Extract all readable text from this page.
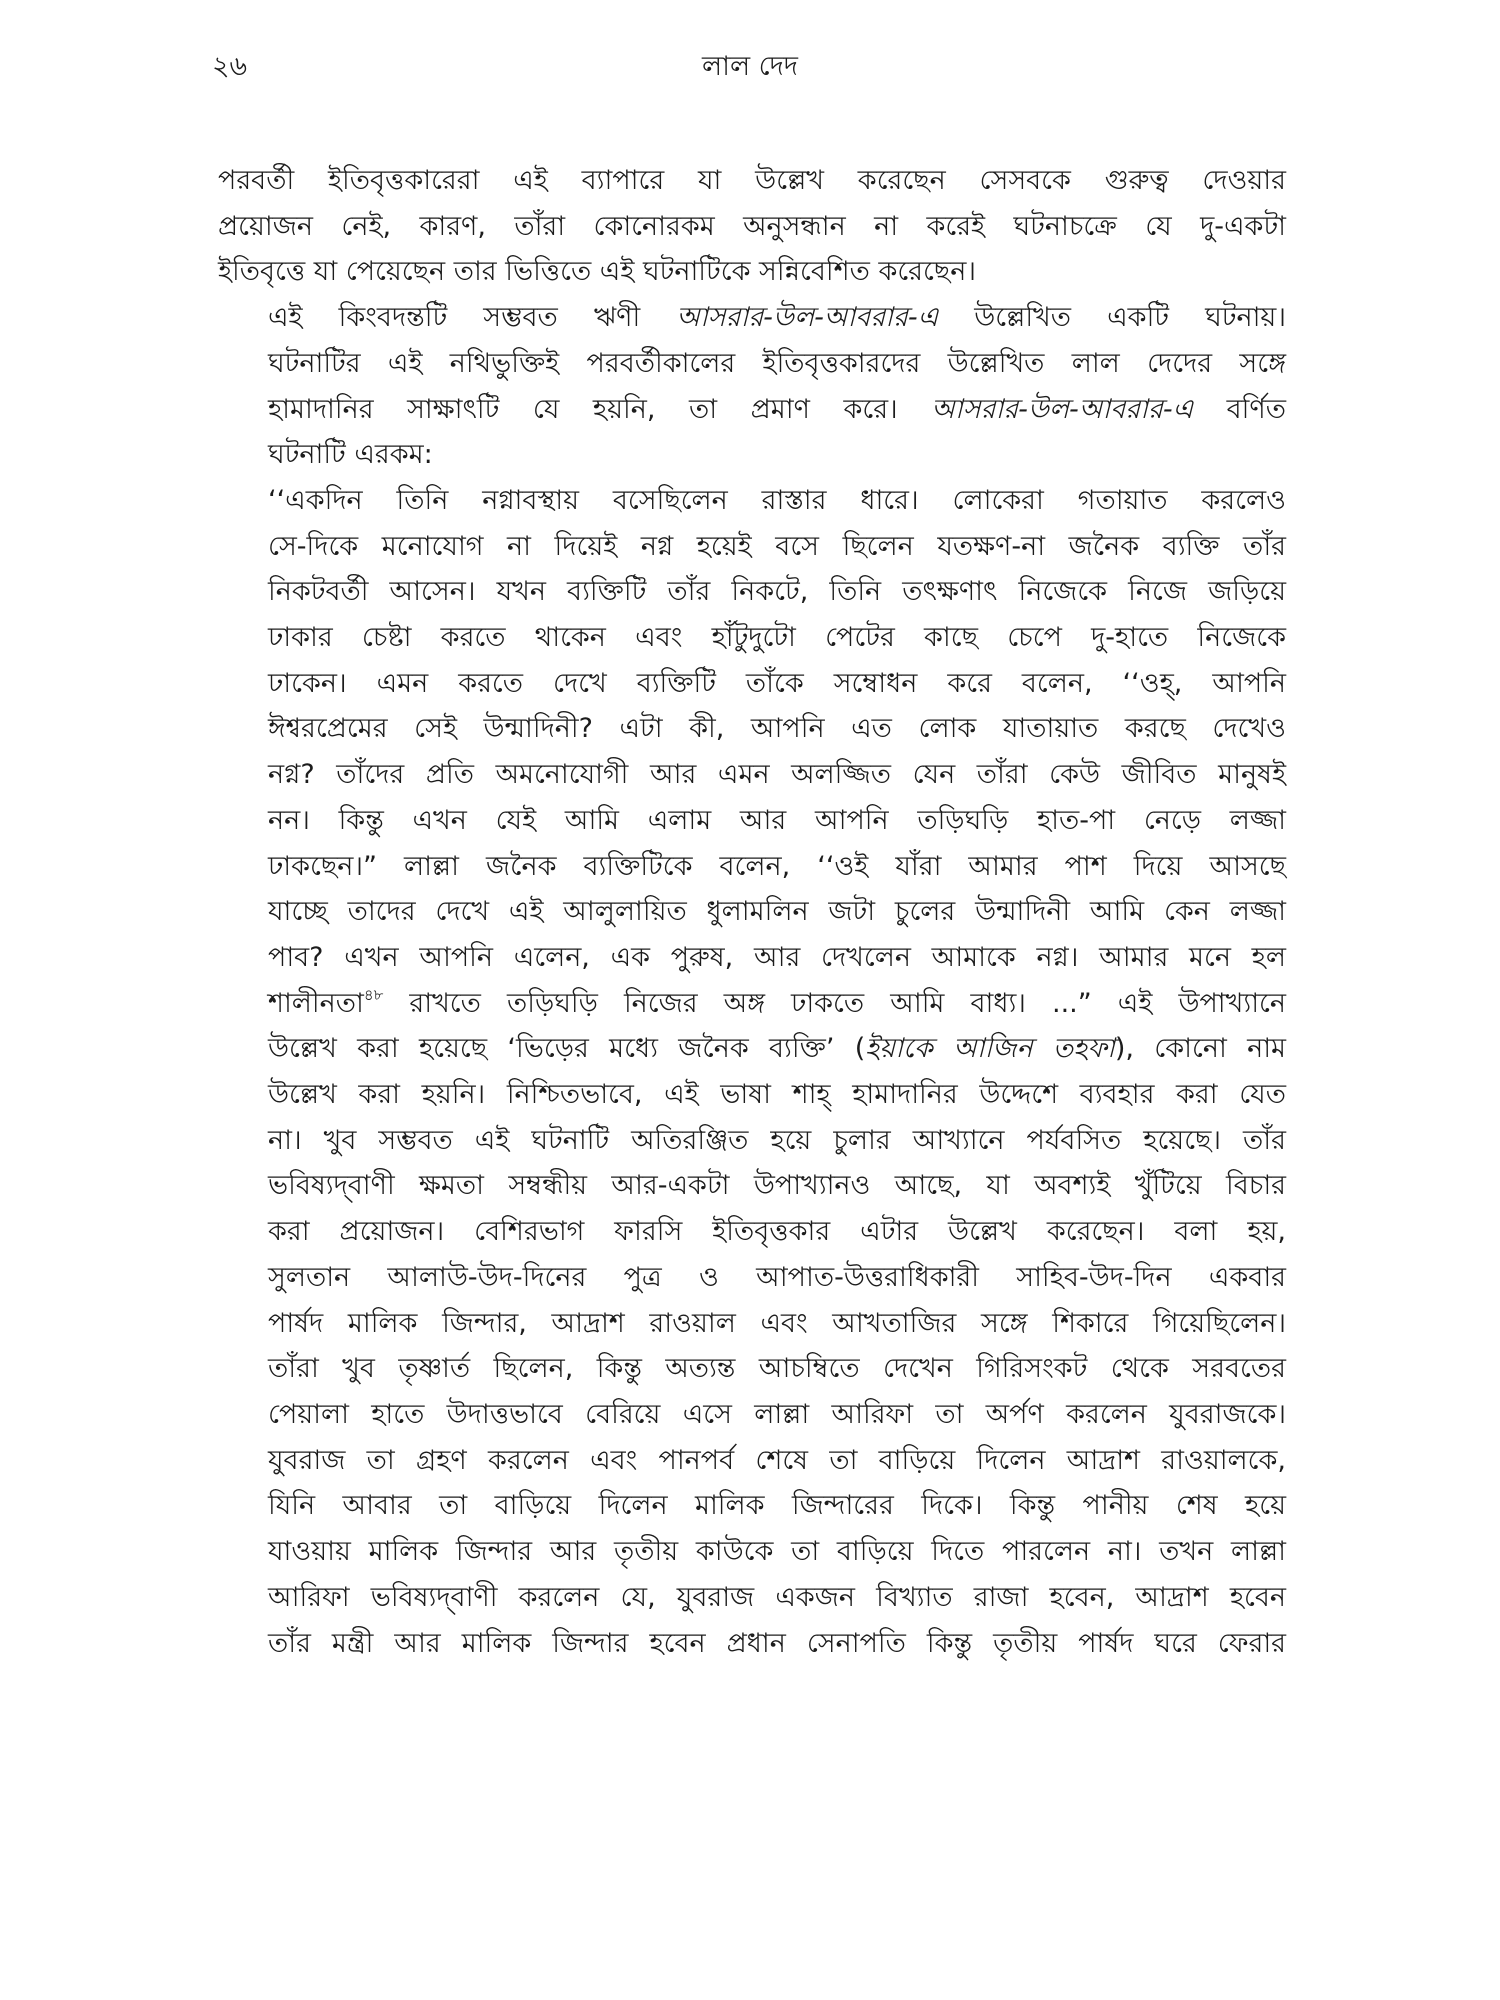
২৬	লাল দেদ
পরবর্তী ইতিবৃত্তকারেরা এই ব্যাপারে যা উল্লেখ করেছেন সেসবকে গুরুত্ব দেওয়ার
প্রয়োজন নেই, কারণ, তাঁরা কোনোরকম অনুসন্ধান না করেই ঘটনাচক্রে যে দু-একটা
ইতিবৃত্তে যা পেয়েছেন তার ভিত্তিতে এই ঘটনাটিকে সন্নিবেশিত করেছেন।
এই কিংবদন্তটি সম্ভবত ঋণী আসরার-উল-আবরার-এ উল্লেখিত একটি ঘটনায়।
ঘটনাটির এই নথিভুক্তিই পরবর্তীকালের ইতিবৃত্তকারদের উল্লেখিত লাল দেদের সঙ্গে
হামাদানির সাক্ষাৎটি যে হয়নি, তা প্রমাণ করে। আসরার-উল-আবরার-এ বর্ণিত
ঘটনাটি এরকম:
‘‘একদিন তিনি নগ্নাবস্থায় বসেছিলেন রাস্তার ধারে। লোকেরা গতায়াত করলেও
সে-দিকে মনোযোগ না দিয়েই নগ্ন হয়েই বসে ছিলেন যতক্ষণ-না জনৈক ব্যক্তি তাঁর
নিকটবর্তী আসেন। যখন ব্যক্তিটি তাঁর নিকটে, তিনি তৎক্ষণাৎ নিজেকে নিজে জড়িয়ে
ঢাকার চেষ্টা করতে থাকেন এবং হাঁটুদুটো পেটের কাছে চেপে দু-হাতে নিজেকে
ঢাকেন। এমন করতে দেখে ব্যক্তিটি তাঁকে সম্বোধন করে বলেন, ‘‘ওহ্, আপনি
ঈশ্বরপ্রেমের সেই উন্মাদিনী? এটা কী, আপনি এত লোক যাতায়াত করছে দেখেও
নগ্ন? তাঁদের প্রতি অমনোযোগী আর এমন অলজ্জিত যেন তাঁরা কেউ জীবিত মানুষই
নন। কিন্তু এখন যেই আমি এলাম আর আপনি তড়িঘড়ি হাত-পা নেড়ে লজ্জা
ঢাকছেন।” লাল্লা জনৈক ব্যক্তিটিকে বলেন, ‘‘ওই যাঁরা আমার পাশ দিয়ে আসছে
যাচ্ছে তাদের দেখে এই আলুলায়িত ধুলামলিন জটা চুলের উন্মাদিনী আমি কেন লজ্জা
পাব? এখন আপনি এলেন, এক পুরুষ, আর দেখলেন আমাকে নগ্ন। আমার মনে হল
শালীনতা$^{৪৮}$ রাখতে তড়িঘড়ি নিজের অঙ্গ ঢাকতে আমি বাধ্য। ...” এই উপাখ্যানে
উল্লেখ করা হয়েছে ‘ভিড়ের মধ্যে জনৈক ব্যক্তি’ (ইয়াকে আজিন তহফা), কোনো নাম
উল্লেখ করা হয়নি। নিশ্চিতভাবে, এই ভাষা শাহ্ হামাদানির উদ্দেশে ব্যবহার করা যেত
না। খুব সম্ভবত এই ঘটনাটি অতিরঞ্জিত হয়ে চুলার আখ্যানে পর্যবসিত হয়েছে। তাঁর
ভবিষ্যদ্‌বাণী ক্ষমতা সম্বন্ধীয় আর-একটা উপাখ্যানও আছে, যা অবশ্যই খুঁটিয়ে বিচার
করা প্রয়োজন। বেশিরভাগ ফারসি ইতিবৃত্তকার এটার উল্লেখ করেছেন। বলা হয়,
সুলতান আলাউ-উদ-দিনের পুত্র ও আপাত-উত্তরাধিকারী সাহিব-উদ-দিন একবার
পার্ষদ মালিক জিন্দার, আদ্রাশ রাওয়াল এবং আখতাজির সঙ্গে শিকারে গিয়েছিলেন।
তাঁরা খুব তৃষ্ণার্ত ছিলেন, কিন্তু অত্যন্ত আচম্বিতে দেখেন গিরিসংকট থেকে সরবতের
পেয়ালা হাতে উদাত্তভাবে বেরিয়ে এসে লাল্লা আরিফা তা অর্পণ করলেন যুবরাজকে।
যুবরাজ তা গ্রহণ করলেন এবং পানপর্ব শেষে তা বাড়িয়ে দিলেন আদ্রাশ রাওয়ালকে,
যিনি আবার তা বাড়িয়ে দিলেন মালিক জিন্দারের দিকে। কিন্তু পানীয় শেষ হয়ে
যাওয়ায় মালিক জিন্দার আর তৃতীয় কাউকে তা বাড়িয়ে দিতে পারলেন না। তখন লাল্লা
আরিফা ভবিষ্যদ্‌বাণী করলেন যে, যুবরাজ একজন বিখ্যাত রাজা হবেন, আদ্রাশ হবেন
তাঁর মন্ত্রী আর মালিক জিন্দার হবেন প্রধান সেনাপতি কিন্তু তৃতীয় পার্ষদ ঘরে ফেরার
